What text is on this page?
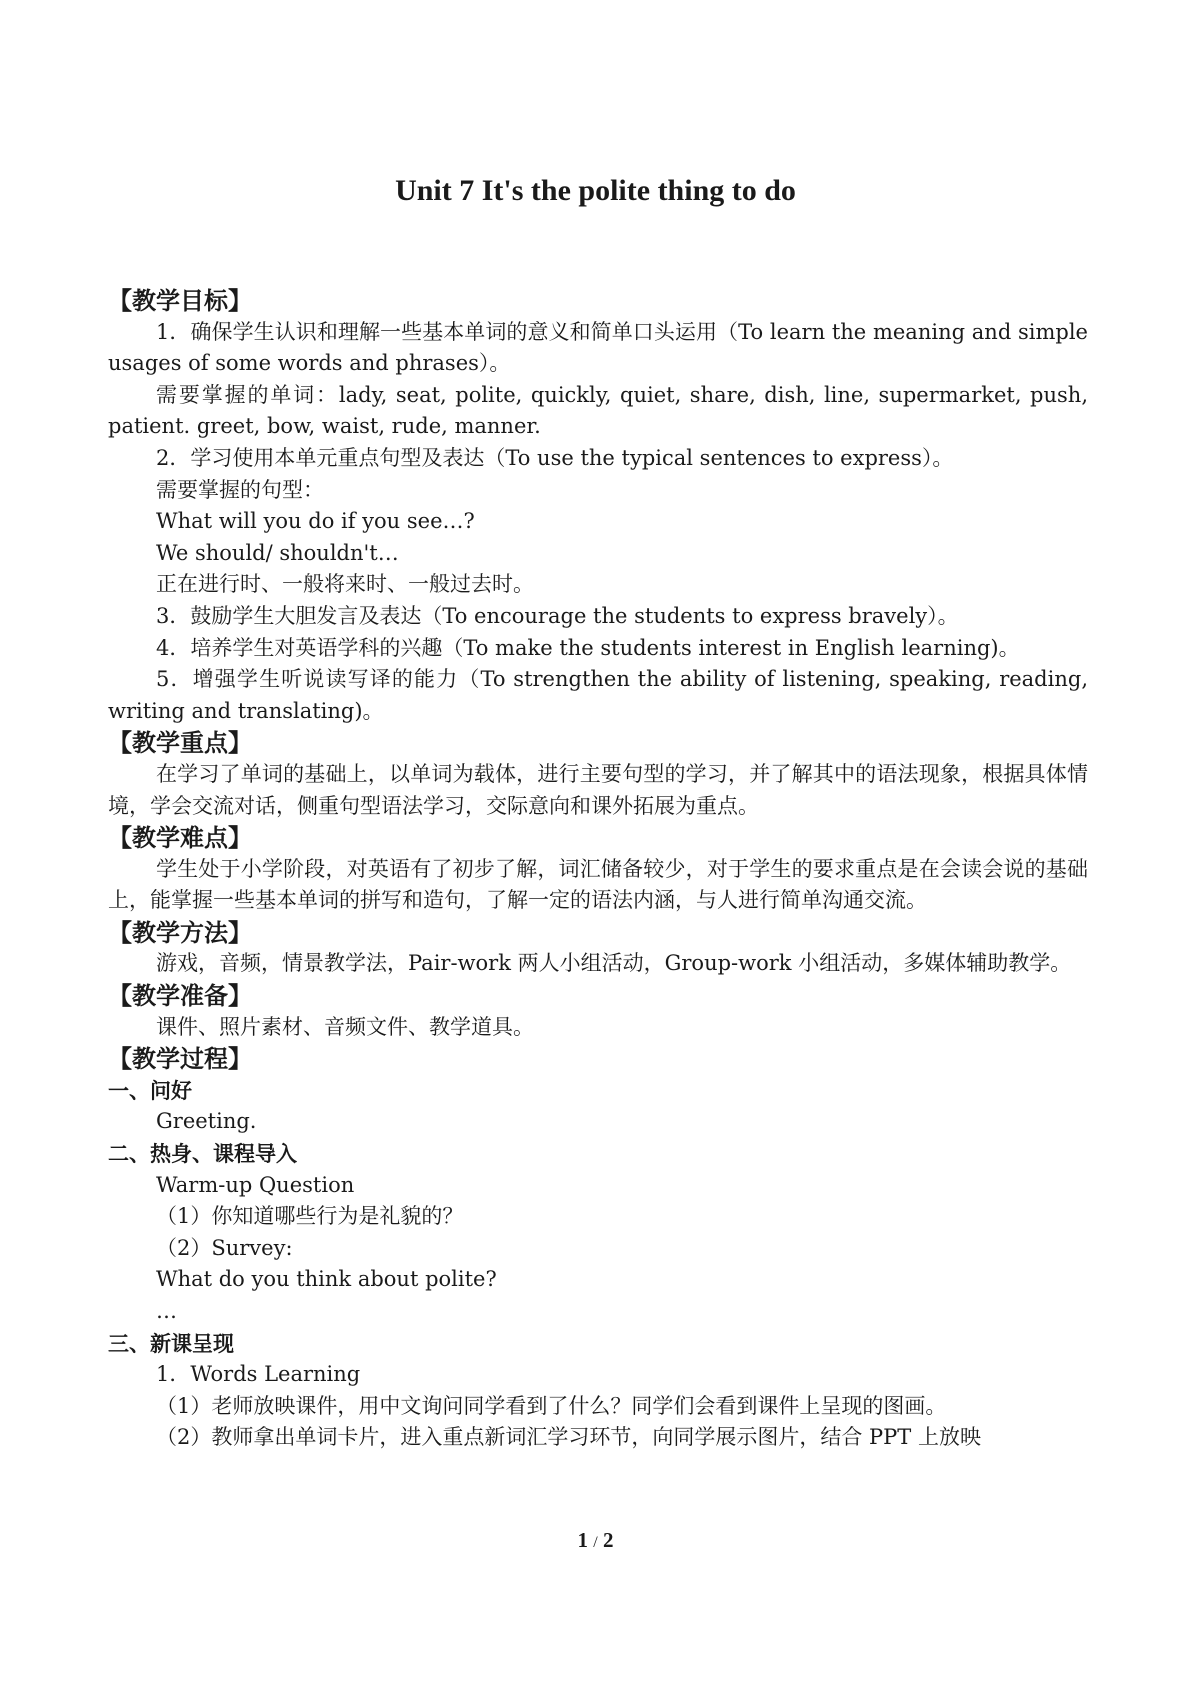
Unit 7 It's the polite thing to do

【教学目标】

1．确保学生认识和理解一些基本单词的意义和简单口头运用（To learn the meaning and simple usages of some words and phrases）。

需要掌握的单词：lady, seat, polite, quickly, quiet, share, dish, line, supermarket, push, patient. greet, bow, waist, rude, manner.

2．学习使用本单元重点句型及表达（To use the typical sentences to express）。

需要掌握的句型：

What will you do if you see…?

We should/ shouldn't…

正在进行时、一般将来时、一般过去时。

3．鼓励学生大胆发言及表达（To encourage the students to express bravely）。

4．培养学生对英语学科的兴趣（To make the students interest in English learning)。

5．增强学生听说读写译的能力（To strengthen the ability of listening, speaking, reading, writing and translating)。

【教学重点】

在学习了单词的基础上，以单词为载体，进行主要句型的学习，并了解其中的语法现象，根据具体情境，学会交流对话，侧重句型语法学习，交际意向和课外拓展为重点。

【教学难点】

学生处于小学阶段，对英语有了初步了解，词汇储备较少，对于学生的要求重点是在会读会说的基础上，能掌握一些基本单词的拼写和造句，了解一定的语法内涵，与人进行简单沟通交流。

【教学方法】

游戏，音频，情景教学法，Pair-work 两人小组活动，Group-work 小组活动，多媒体辅助教学。

【教学准备】

课件、照片素材、音频文件、教学道具。

【教学过程】

一、问好

Greeting.

二、热身、课程导入

Warm-up Question

（1）你知道哪些行为是礼貌的？

（2）Survey:

What do you think about polite?

…

三、新课呈现

1．Words Learning

（1）老师放映课件，用中文询问同学看到了什么？同学们会看到课件上呈现的图画。

（2）教师拿出单词卡片，进入重点新词汇学习环节，向同学展示图片，结合 PPT 上放映

1 / 2
